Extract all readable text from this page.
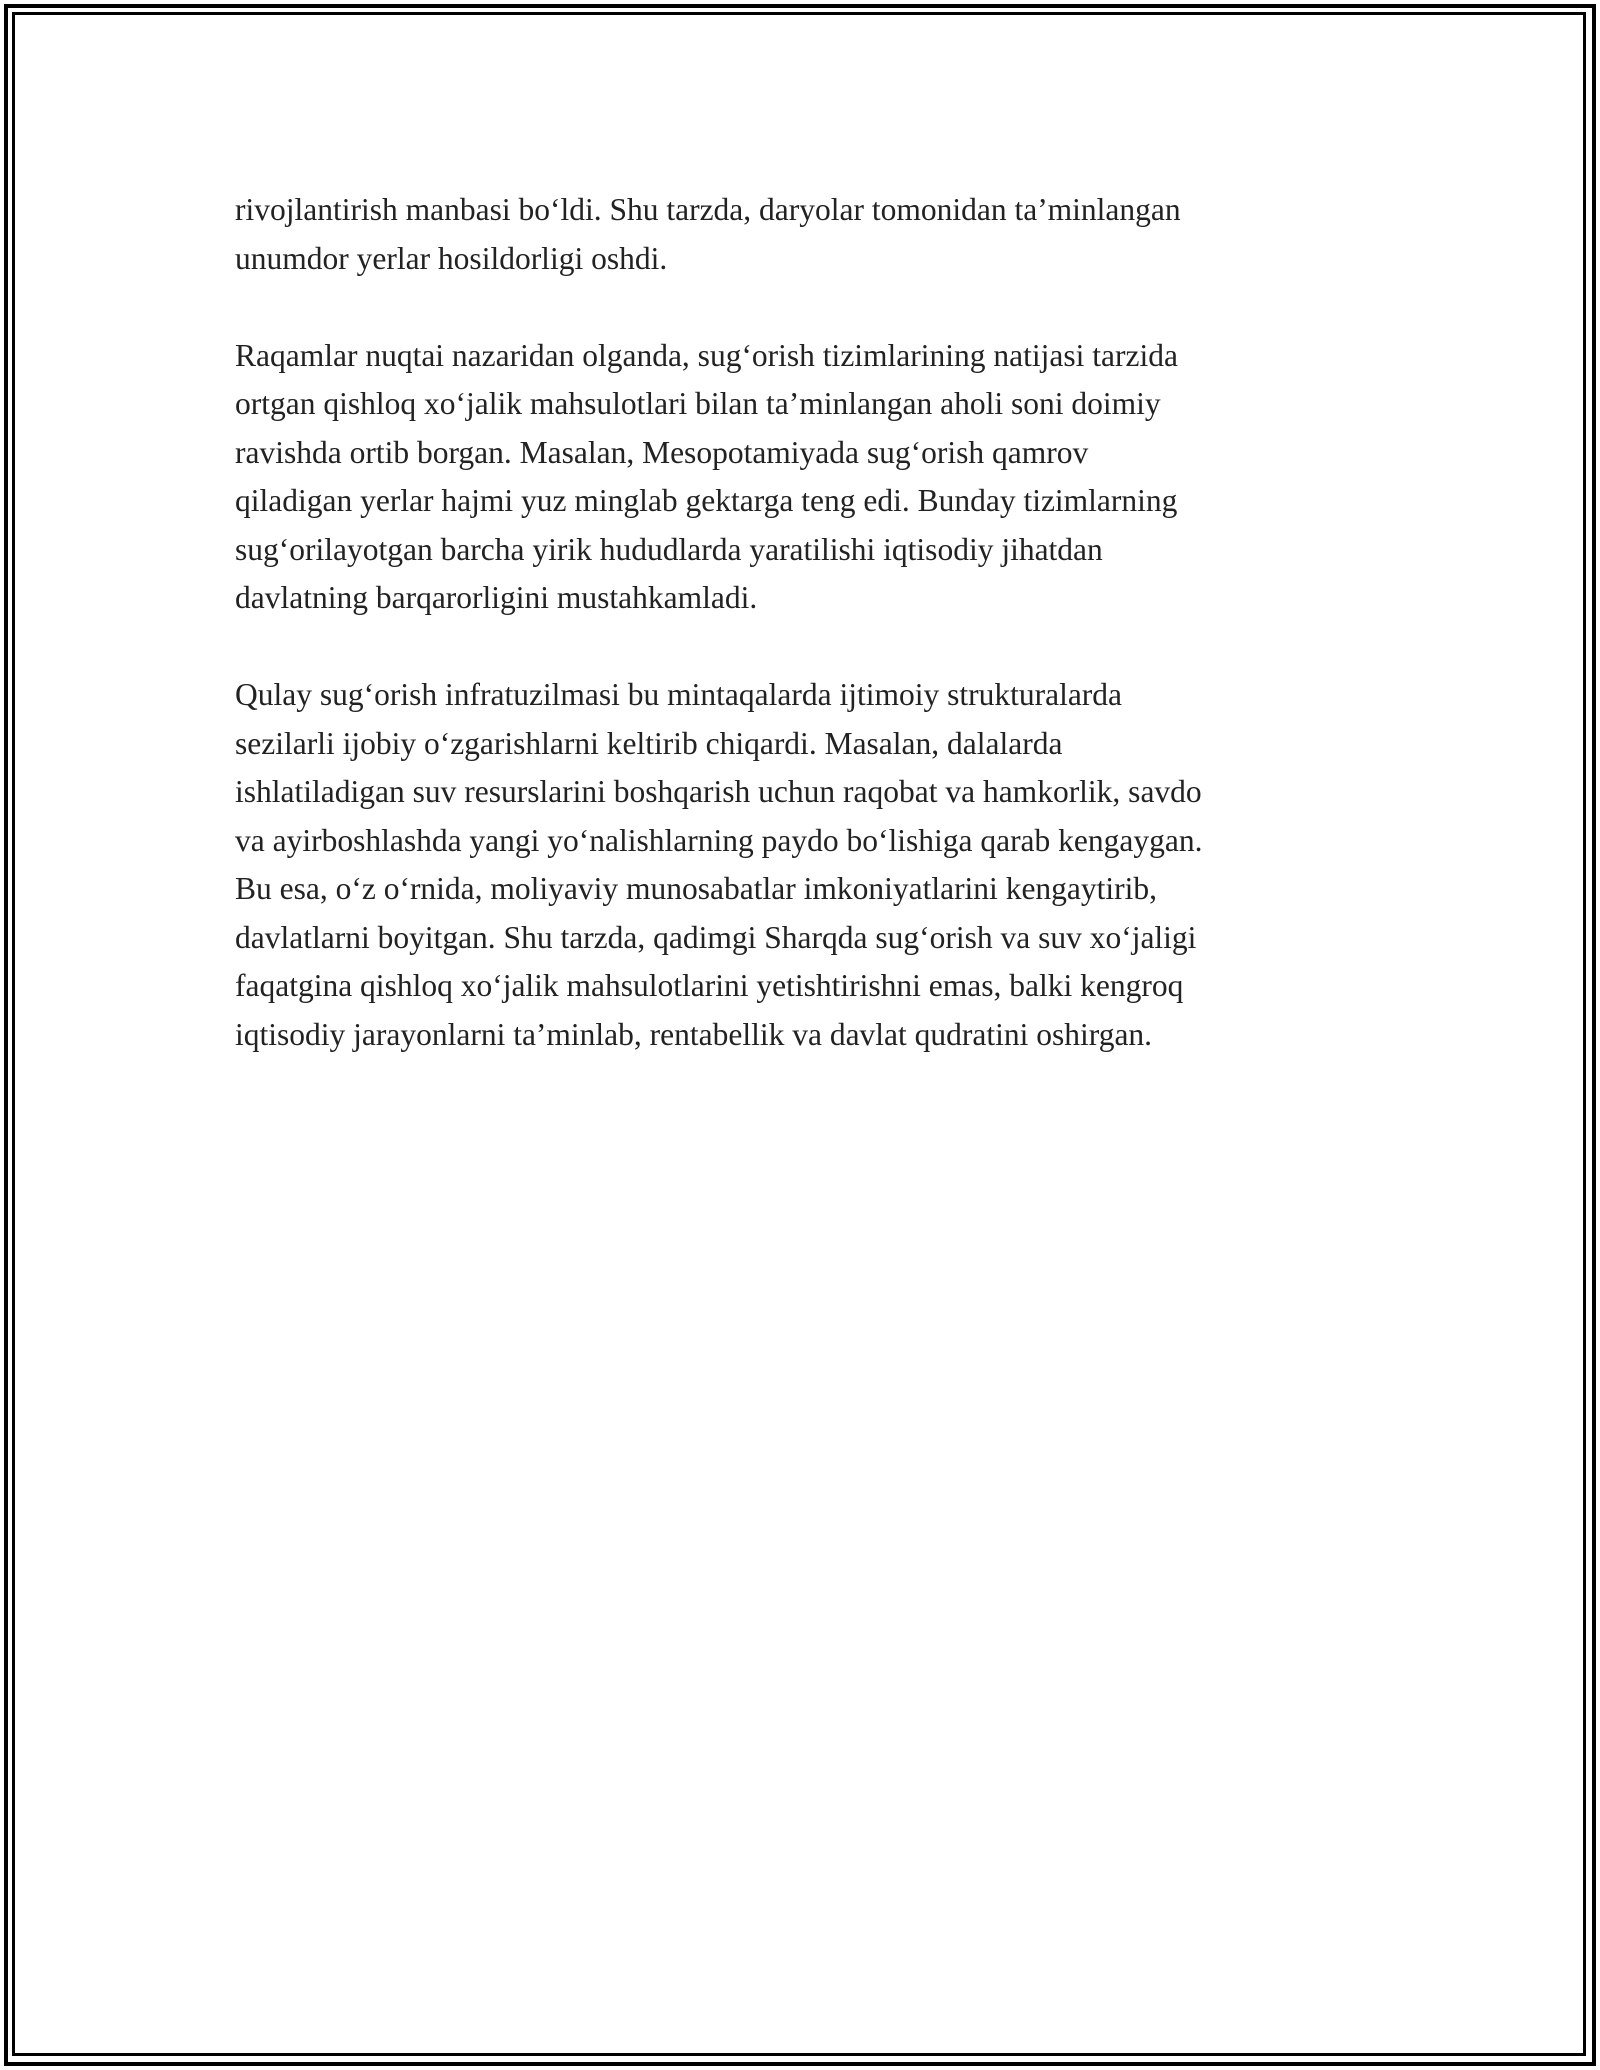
rivojlantirish manbasi bo‘ldi. Shu tarzda, daryolar tomonidan ta’minlangan
unumdor yerlar hosildorligi oshdi.

Raqamlar nuqtai nazaridan olganda, sug‘orish tizimlarining natijasi tarzida
ortgan qishloq xo‘jalik mahsulotlari bilan ta’minlangan aholi soni doimiy
ravishda ortib borgan. Masalan, Mesopotamiyada sug‘orish qamrov
qiladigan yerlar hajmi yuz minglab gektarga teng edi. Bunday tizimlarning
sug‘orilayotgan barcha yirik hududlarda yaratilishi iqtisodiy jihatdan
davlatning barqarorligini mustahkamladi.

Qulay sug‘orish infratuzilmasi bu mintaqalarda ijtimoiy strukturalarda
sezilarli ijobiy o‘zgarishlarni keltirib chiqardi. Masalan, dalalarda
ishlatiladigan suv resurslarini boshqarish uchun raqobat va hamkorlik, savdo
va ayirboshlashda yangi yo‘nalishlarning paydo bo‘lishiga qarab kengaygan.
Bu esa, o‘z o‘rnida, moliyaviy munosabatlar imkoniyatlarini kengaytirib,
davlatlarni boyitgan. Shu tarzda, qadimgi Sharqda sug‘orish va suv xo‘jaligi
faqatgina qishloq xo‘jalik mahsulotlarini yetishtirishni emas, balki kengroq
iqtisodiy jarayonlarni ta’minlab, rentabellik va davlat qudratini oshirgan.
